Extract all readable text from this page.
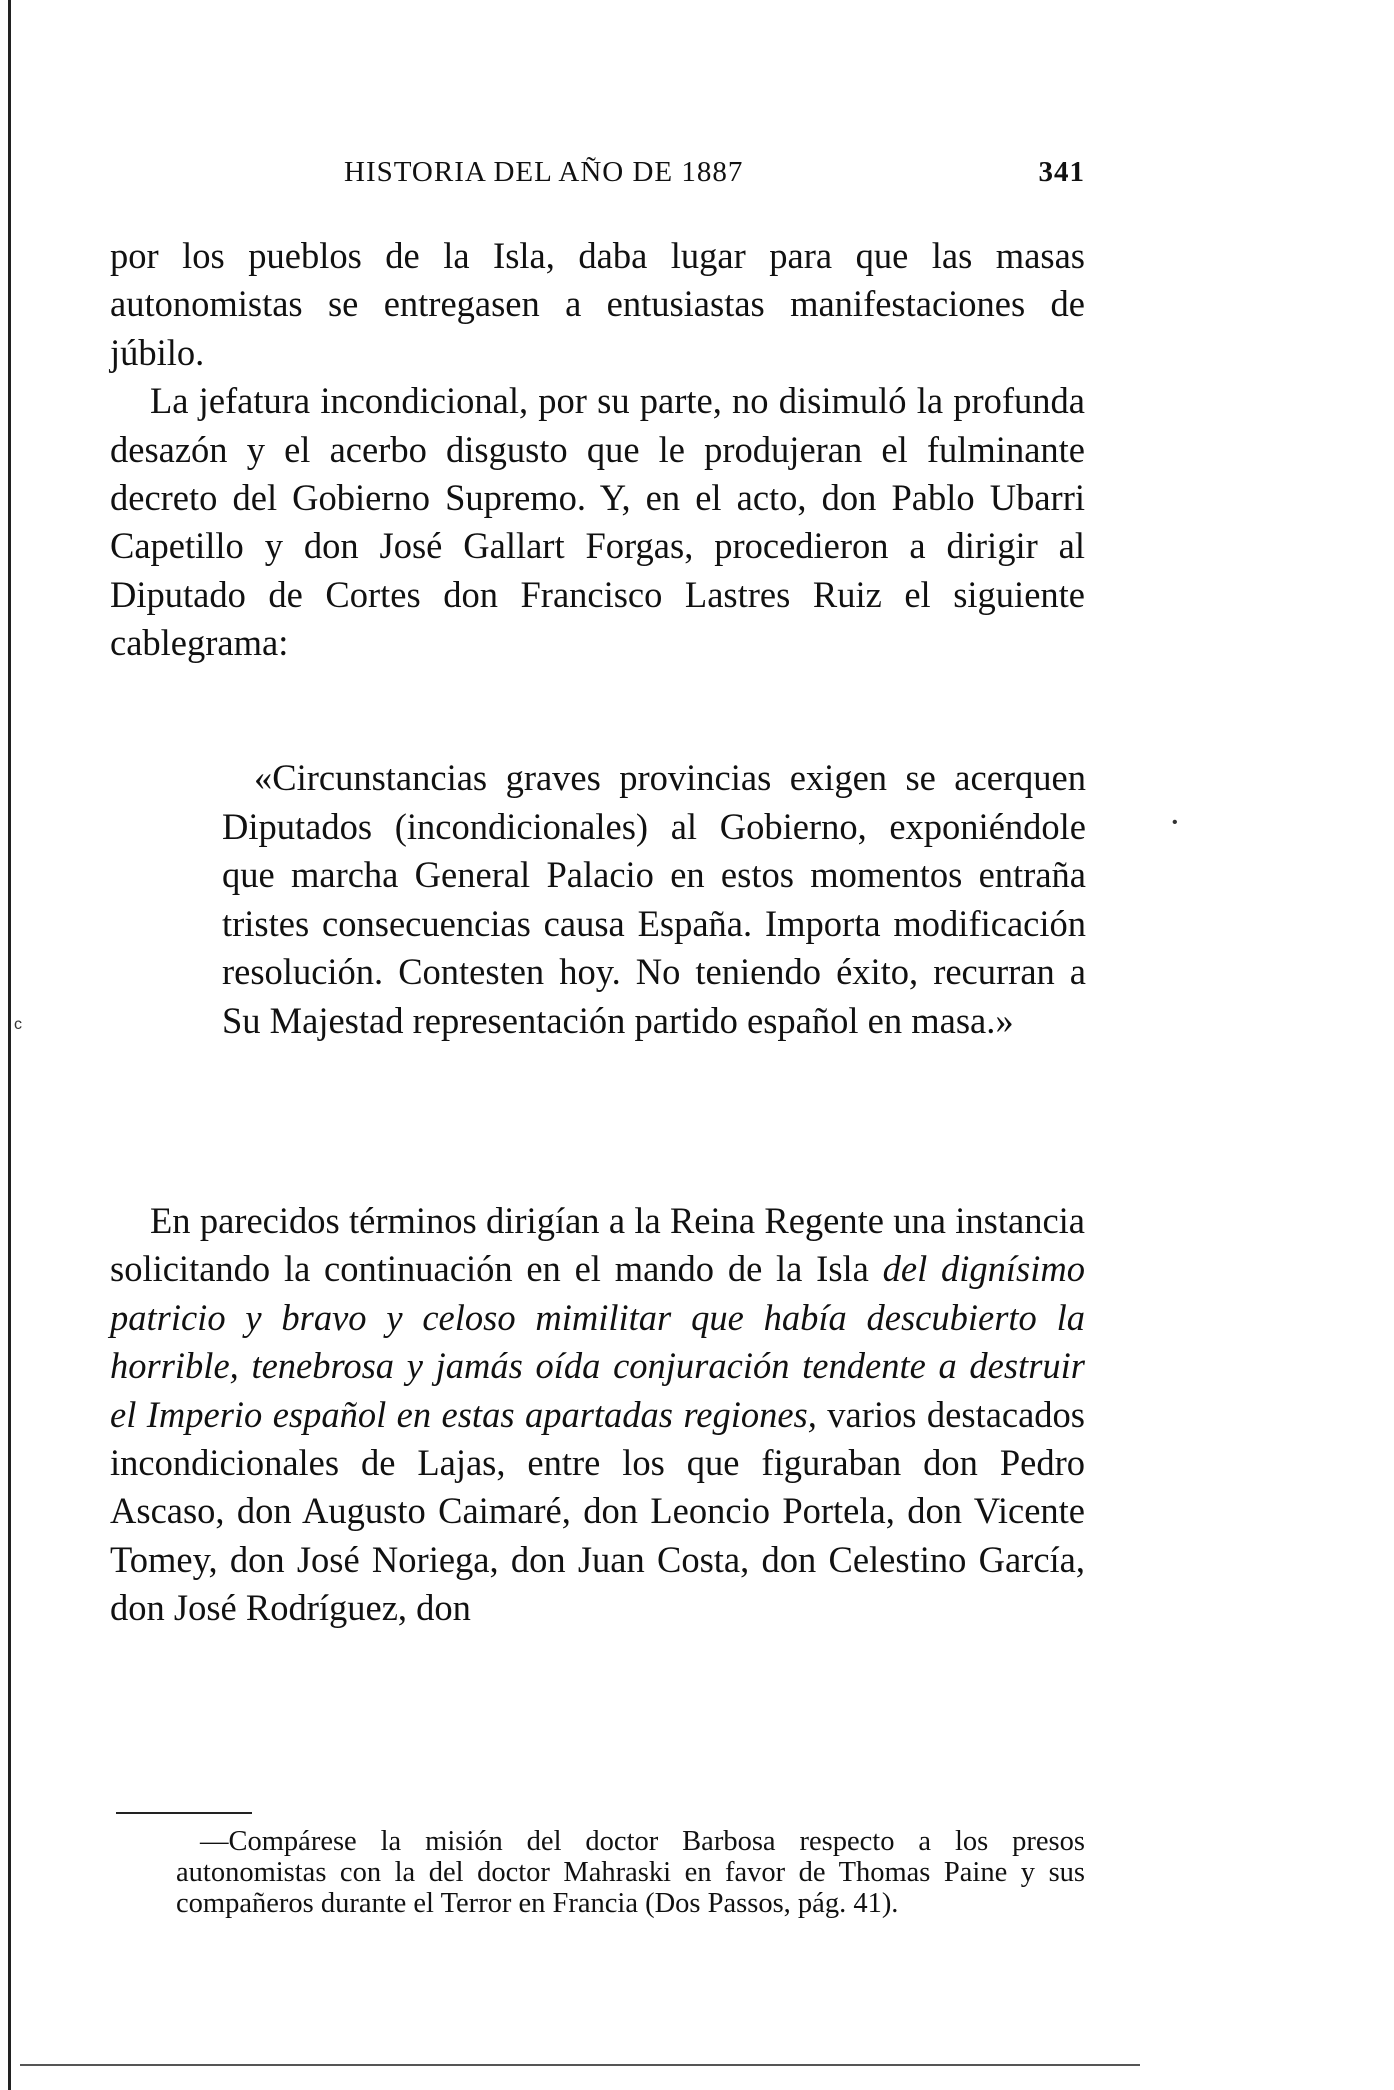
HISTORIA DEL AÑO DE 1887	341

por los pueblos de la Isla, daba lugar para que las masas autonomistas se entregasen a entusiastas manifestaciones de júbilo.

La jefatura incondicional, por su parte, no disimuló la profunda desazón y el acerbo disgusto que le produjeran el fulminante decreto del Gobierno Supremo. Y, en el acto, don Pablo Ubarri Capetillo y don José Gallart Forgas, procedieron a dirigir al Diputado de Cortes don Francisco Lastres Ruiz el siguiente cablegrama:

«Circunstancias graves provincias exigen se acerquen Diputados (incondicionales) al Gobierno, exponiéndole que marcha General Palacio en estos momentos entraña tristes consecuencias causa España. Importa modificación resolución. Contesten hoy. No teniendo éxito, recurran a Su Majestad representación partido español en masa.»

En parecidos términos dirigían a la Reina Regente una instancia solicitando la continuación en el mando de la Isla del dignísimo patricio y bravo y celoso mimilitar que había descubierto la horrible, tenebrosa y jamás oída conjuración tendente a destruir el Imperio español en estas apartadas regiones, varios destacados incondicionales de Lajas, entre los que figuraban don Pedro Ascaso, don Augusto Caimaré, don Leoncio Portela, don Vicente Tomey, don José Noriega, don Juan Costa, don Celestino García, don José Rodríguez, don

—Compárese la misión del doctor Barbosa respecto a los presos autonomistas con la del doctor Mahraski en favor de Thomas Paine y sus compañeros durante el Terror en Francia (Dos Passos, pág. 41).

c
•
